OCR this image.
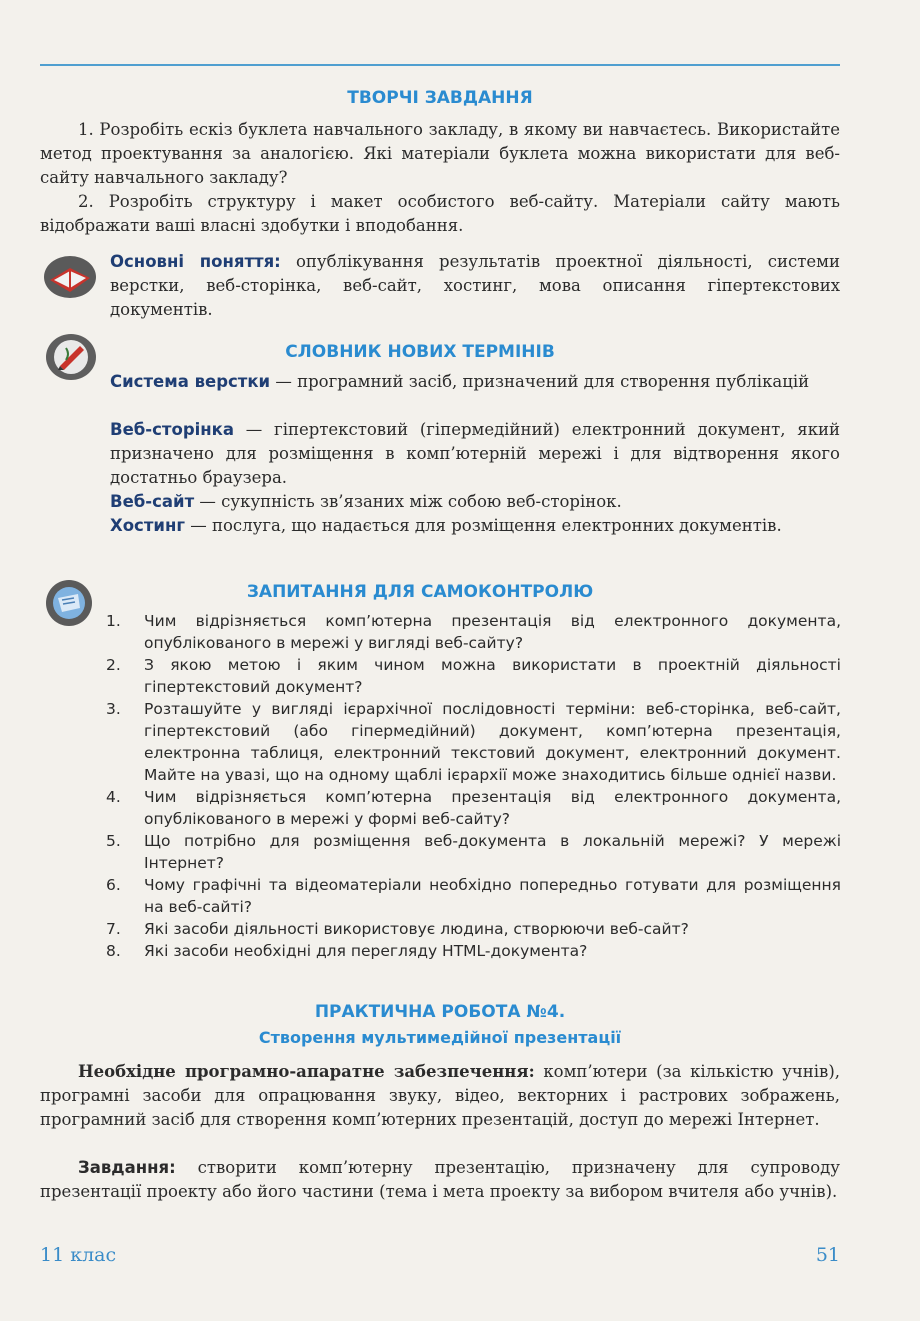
ТВОРЧІ ЗАВДАННЯ
1. Розробіть ескіз буклета навчального закладу, в якому ви навчаєтесь. Використайте метод проектування за аналогією. Які матеріали буклета можна використати для веб-сайту навчального закладу?
2. Розробіть структуру і макет особистого веб-сайту. Матеріали сайту мають відображати ваші власні здобутки і вподобання.
Основні поняття: опублікування результатів проектної діяльності, системи верстки, веб-сторінка, веб-сайт, хостинг, мова описання гіпертекстових документів.
СЛОВНИК НОВИХ ТЕРМІНІВ
Система верстки — програмний засіб, призначений для створення публікацій
Веб-сторінка — гіпертекстовий (гіпермедійний) електронний документ, який призначено для розміщення в комп’ютерній мережі і для відтворення якого достатньо браузера.
Веб-сайт — сукупність зв’язаних між собою веб-сторінок.
Хостинг — послуга, що надається для розміщення електронних документів.
ЗАПИТАННЯ ДЛЯ САМОКОНТРОЛЮ
1.	Чим відрізняється комп’ютерна презентація від електронного документа, опублікованого в мережі у вигляді веб-сайту?
2.	З якою метою і яким чином можна використати в проектній діяльності гіпертекстовий документ?
3.	Розташуйте у вигляді ієрархічної послідовності терміни: веб-сторінка, веб-сайт, гіпертекстовий (або гіпермедійний) документ, комп’ютерна презентація, електронна таблиця, електронний текстовий документ, електронний документ. Майте на увазі, що на одному щаблі ієрархії може знаходитись більше однієї назви.
4.	Чим відрізняється комп’ютерна презентація від електронного документа, опублікованого в мережі у формі веб-сайту?
5.	Що потрібно для розміщення веб-документа в локальній мережі? У мережі Інтернет?
6.	Чому графічні та відеоматеріали необхідно попередньо готувати для розміщення на веб-сайті?
7.	Які засоби діяльності використовує людина, створюючи веб-сайт?
8.	Які засоби необхідні для перегляду HTML-документа?
ПРАКТИЧНА РОБОТА №4.
Створення мультимедійної презентації
Необхідне програмно-апаратне забезпечення: комп’ютери (за кількістю учнів), програмні засоби для опрацювання звуку, відео, векторних і растрових зображень, програмний засіб для створення комп’ютерних презентацій, доступ до мережі Інтернет.
Завдання: створити комп’ютерну презентацію, призначену для супроводу презентації проекту або його частини (тема і мета проекту за вибором вчителя або учнів).
11 клас	51
